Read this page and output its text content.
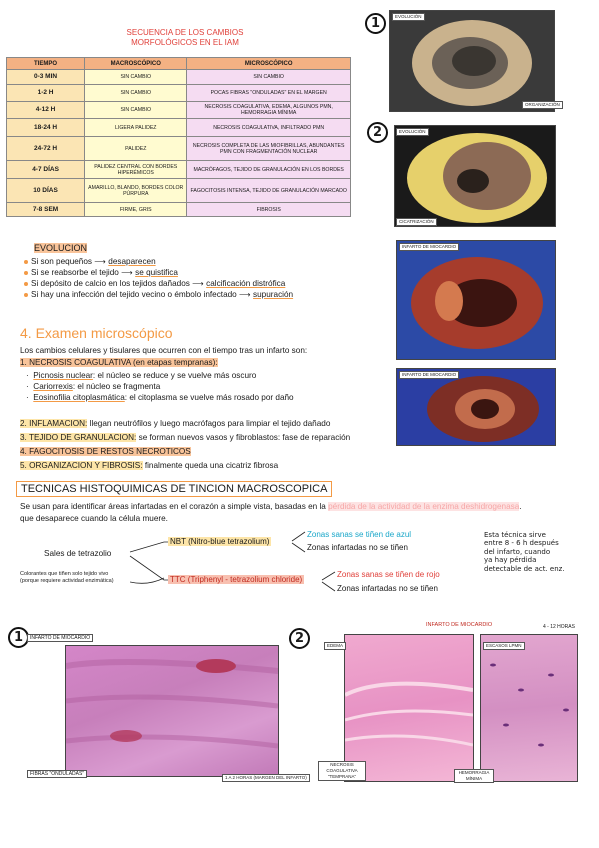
SECUENCIA DE LOS CAMBIOS
MORFOLÓGICOS EN EL IAM
TIEMPO	MACROSCÓPICO	MICROSCÓPICO
0-3 MIN	SIN CAMBIO	SIN CAMBIO
1-2 H	SIN CAMBIO	POCAS FIBRAS "ONDULADAS" EN EL MARGEN
4-12 H	SIN CAMBIO	NECROSIS COAGULATIVA, EDEMA, ALGUNOS PMN, HEMORRAGIA MÍNIMA
18-24 H	LIGERA PALIDEZ	NECROSIS COAGULATIVA, INFILTRADO PMN
24-72 H	PALIDEZ	NECROSIS COMPLETA DE LAS MIOFIBRILLAS, ABUNDANTES PMN CON FRAGMENTACIÓN NUCLEAR
4-7 DÍAS	PALIDEZ CENTRAL CON BORDES HIPERÉMICOS	MACRÓFAGOS, TEJIDO DE GRANULACIÓN EN LOS BORDES
10 DÍAS	AMARILLO, BLANDO, BORDES COLOR PÚRPURA	FAGOCITOSIS INTENSA, TEJIDO DE GRANULACIÓN MARCADO
7-8 SEM	FIRME, GRIS	FIBROSIS
1	EVOLUCIÓN
ORGANIZACIÓN
2	EVOLUCIÓN
CICATRIZACIÓN
INFARTO DE MIOCARDIO
INFARTO DE MIOCARDIO
EVOLUCION
Si son pequeños ⟶ desaparecen
Si se reabsorbe el tejido ⟶ se quistifica
Si depósito de calcio en los tejidos dañados ⟶ calcificación distrófica
Si hay una infección del tejido vecino o émbolo infectado ⟶ supuración
4. Examen microscópico
Los cambios celulares y tisulares que ocurren con el tiempo tras un infarto son:
1. NECROSIS COAGULATIVA (en etapas tempranas):
·  Picnosis nuclear: el núcleo se reduce y se vuelve más oscuro
·  Cariorrexis: el núcleo se fragmenta
·  Eosinofilia citoplasmática: el citoplasma se vuelve más rosado por daño
2. INFLAMACION: llegan neutrófilos y luego macrófagos para limpiar el tejido dañado
3. TEJIDO DE GRANULACION: se forman nuevos vasos y fibroblastos: fase de reparación
4. FAGOCITOSIS DE RESTOS NECROTICOS
5. ORGANIZACION Y FIBROSIS: finalmente queda una cicatriz fibrosa
TECNICAS HISTOQUIMICAS DE TINCION MACROSCOPICA
Se usan para identificar áreas infartadas en el corazón a simple vista, basadas en la pérdida de la actividad de la enzima deshidrogenasa.
que desaparece cuando la célula muere.
Sales de tetrazolio
NBT (Nitro-blue tetrazolium)
Zonas sanas se tiñen de azul
Zonas infartadas no se tiñen
TTC (Triphenyl - tetrazolium chloride)
Zonas sanas se tiñen de rojo
Zonas infartadas no se tiñen
Colorantes que tiñen solo tejido vivo
(porque requiere actividad enzimática)
Esta técnica sirve
entre 8 - 6 h después
del infarto, cuando
ya hay pérdida
detectable de act. enz.
1	INFARTO DE MIOCARDIO
FIBRAS "ONDULADAS"
1 A 2 HORAS (MARGEN DEL INFARTO)
2
INFARTO DE MIOCARDIO	4 - 12 HORAS
EDEMA
NECROSIS COAGULATIVA "TEMPRANA"
ESCASOS LPMN
HEMORRAGIA MÍNIMA
